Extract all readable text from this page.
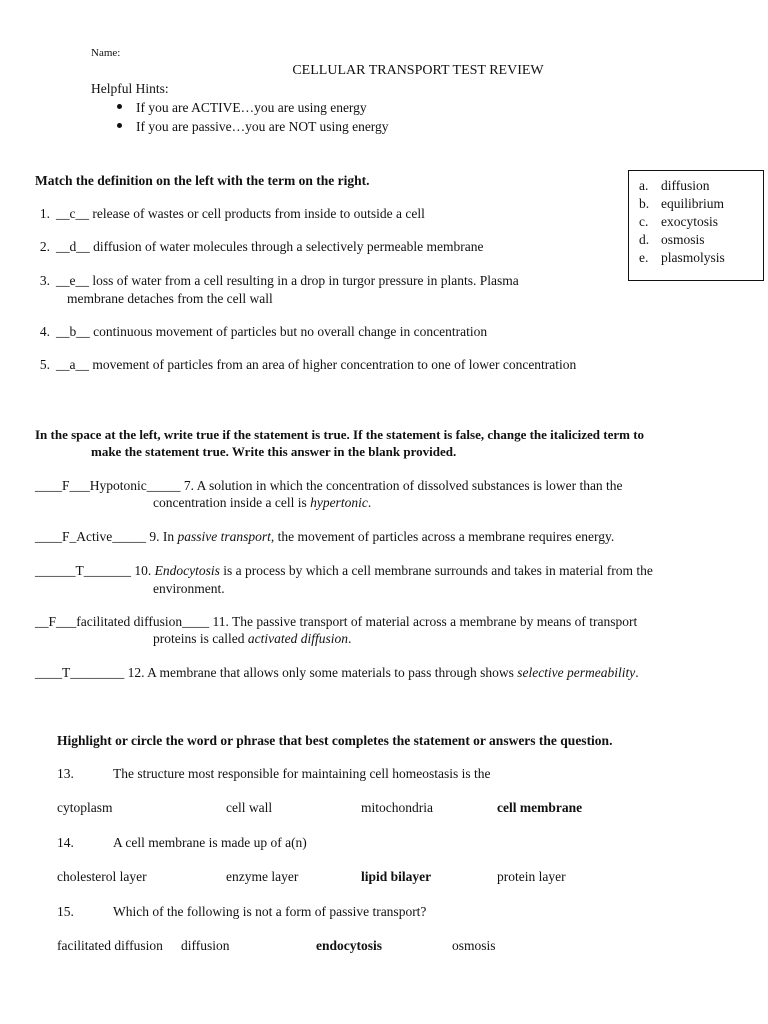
Name:
CELLULAR TRANSPORT TEST REVIEW
Helpful Hints:
If you are ACTIVE…you are using energy
If you are passive…you are NOT using energy
Match the definition on the left with the term on the right.
1. __c__ release of wastes or cell products from inside to outside a cell
2. __d__ diffusion of water molecules through a selectively permeable membrane
3. __e__ loss of water from a cell resulting in a drop in turgor pressure in plants. Plasma
membrane detaches from the cell wall
4. __b__ continuous movement of particles but no overall change in concentration
5. __a__ movement of particles from an area of higher concentration to one of lower concentration
a. diffusion
b. equilibrium
c. exocytosis
d. osmosis
e. plasmolysis
In the space at the left, write true if the statement is true. If the statement is false, change the italicized term to
make the statement true. Write this answer in the blank provided.
____F___Hypotonic_____ 7. A solution in which the concentration of dissolved substances is lower than the
concentration inside a cell is hypertonic.
____F_Active_____ 9. In passive transport, the movement of particles across a membrane requires energy.
______T_______ 10. Endocytosis is a process by which a cell membrane surrounds and takes in material from the
environment.
__F___facilitated diffusion____ 11. The passive transport of material across a membrane by means of transport
proteins is called activated diffusion.
____T________ 12. A membrane that allows only some materials to pass through shows selective permeability.
Highlight or circle the word or phrase that best completes the statement or answers the question.
13.	The structure most responsible for maintaining cell homeostasis is the
cytoplasm	cell wall	mitochondria	cell membrane
14.	A cell membrane is made up of a(n)
cholesterol layer	enzyme layer	lipid bilayer	protein layer
15.	Which of the following is not a form of passive transport?
facilitated diffusion diffusion	endocytosis	osmosis
